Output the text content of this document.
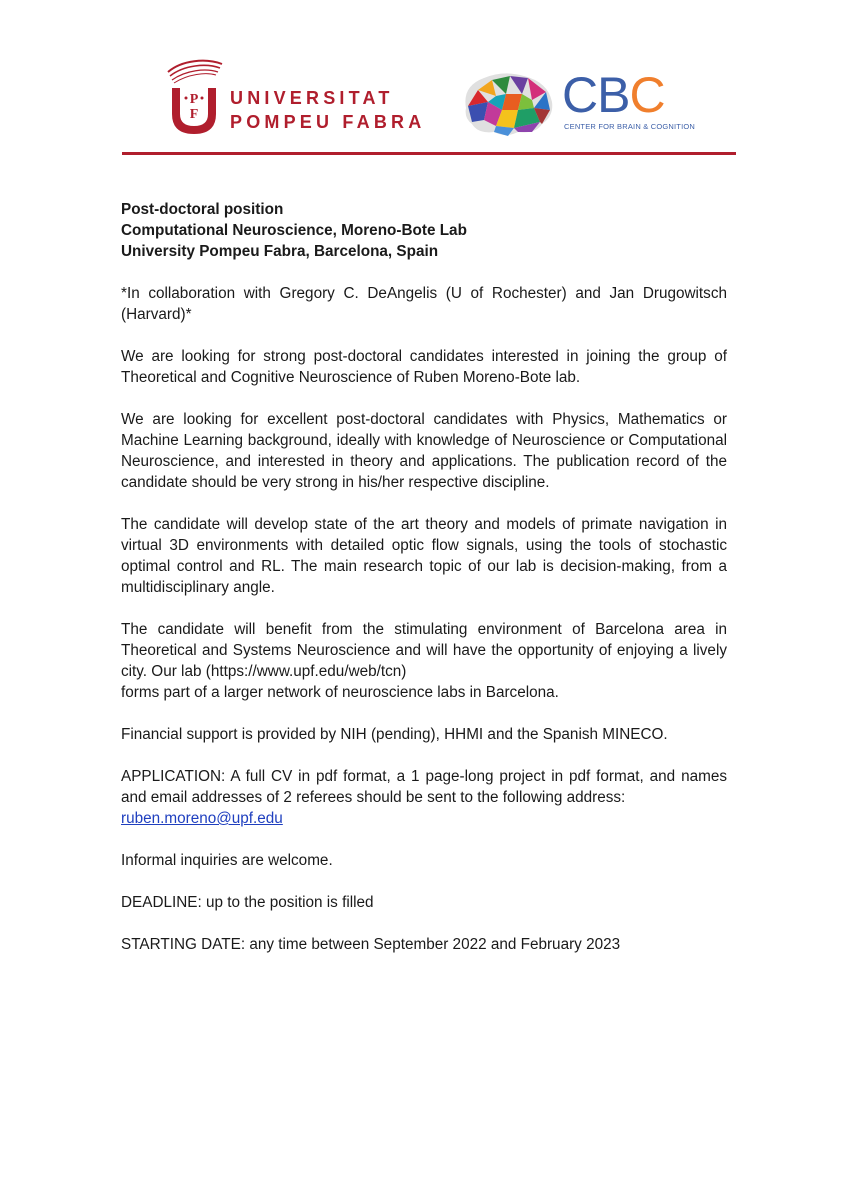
P
F
UNIVERSITAT
POMPEU FABRA	CBC
CENTER FOR BRAIN & COGNITION
Post-doctoral position
Computational Neuroscience, Moreno-Bote Lab
University Pompeu Fabra, Barcelona, Spain

*In collaboration with Gregory C. DeAngelis (U of Rochester) and Jan Drugowitsch (Harvard)*

We are looking for strong post-doctoral candidates interested in joining the group of Theoretical and Cognitive Neuroscience of Ruben Moreno-Bote lab.

We are looking for excellent post-doctoral candidates with Physics, Mathematics or Machine Learning background, ideally with knowledge of Neuroscience or Computational Neuroscience, and interested in theory and applications. The publication record of the candidate should be very strong in his/her respective discipline.

The candidate will develop state of the art theory and models of primate navigation in virtual 3D environments with detailed optic flow signals, using the tools of stochastic optimal control and RL. The main research topic of our lab is decision-making, from a multidisciplinary angle.

The candidate will benefit from the stimulating environment of Barcelona area in Theoretical and Systems Neuroscience and will have the opportunity of enjoying a lively city. Our lab (https://www.upf.edu/web/tcn)

forms part of a larger network of neuroscience labs in Barcelona.

Financial support is provided by NIH (pending), HHMI and the Spanish MINECO.

APPLICATION: A full CV in pdf format, a 1 page-long project in pdf format, and names and email addresses of 2 referees should be sent to the following address:
ruben.moreno@upf.edu

Informal inquiries are welcome.

DEADLINE: up to the position is filled

STARTING DATE: any time between September 2022 and February 2023
